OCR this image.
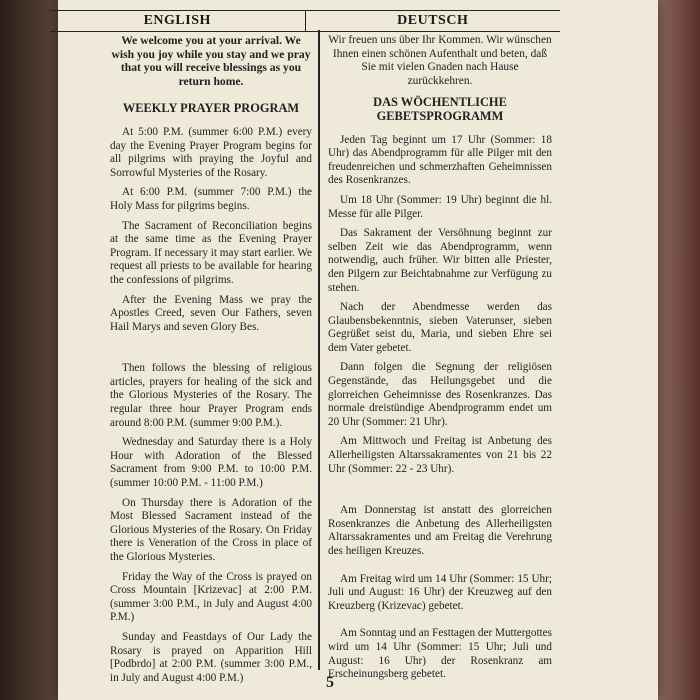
ENGLISH	DEUTSCH

We welcome you at your arrival. We wish you joy while you stay and we pray that you will receive blessings as you return home.

WEEKLY PRAYER PROGRAM

At 5:00 P.M. (summer 6:00 P.M.) every day the Evening Prayer Program begins for all pilgrims with praying the Joyful and Sorrowful Mysteries of the Rosary.

At 6:00 P.M. (summer 7:00 P.M.) the Holy Mass for pilgrims begins.

The Sacrament of Reconciliation begins at the same time as the Evening Prayer Program. If necessary it may start earlier. We request all priests to be available for hearing the confessions of pilgrims.

After the Evening Mass we pray the Apostles Creed, seven Our Fathers, seven Hail Marys and seven Glory Bes.

Then follows the blessing of religious articles, prayers for healing of the sick and the Glorious Mysteries of the Rosary. The regular three hour Prayer Program ends around 8:00 P.M. (summer 9:00 P.M.).

Wednesday and Saturday there is a Holy Hour with Adoration of the Blessed Sacrament from 9:00 P.M. to 10:00 P.M. (summer 10:00 P.M. - 11:00 P.M.)

On Thursday there is Adoration of the Most Blessed Sacrament instead of the Glorious Mysteries of the Rosary. On Friday there is Veneration of the Cross in place of the Glorious Mysteries.

Friday the Way of the Cross is prayed on Cross Mountain [Krizevac] at 2:00 P.M. (summer 3:00 P.M., in July and August 4:00 P.M.)

Sunday and Feastdays of Our Lady the Rosary is prayed on Apparition Hill [Podbrdo] at 2:00 P.M. (summer 3:00 P.M., in July and August 4:00 P.M.)

Wir freuen uns über Ihr Kommen. Wir wünschen Ihnen einen schönen Aufenthalt und beten, daß Sie mit vielen Gnaden nach Hause zurückkehren.

DAS WÖCHENTLICHE GEBETSPROGRAMM

Jeden Tag beginnt um 17 Uhr (Sommer: 18 Uhr) das Abendprogramm für alle Pilger mit den freudenreichen und schmerzhaften Geheimnissen des Rosenkranzes.

Um 18 Uhr (Sommer: 19 Uhr) beginnt die hl. Messe für alle Pilger.

Das Sakrament der Versöhnung beginnt zur selben Zeit wie das Abendprogramm, wenn notwendig, auch früher. Wir bitten alle Priester, den Pilgern zur Beichtabnahme zur Verfügung zu stehen.

Nach der Abendmesse werden das Glaubensbekenntnis, sieben Vaterunser, sieben Gegrüßet seist du, Maria, und sieben Ehre sei dem Vater gebetet.

Dann folgen die Segnung der religiösen Gegenstände, das Heilungsgebet und die glorreichen Geheimnisse des Rosenkranzes. Das normale dreistündige Abendprogramm endet um 20 Uhr (Sommer: 21 Uhr).

Am Mittwoch und Freitag ist Anbetung des Allerheiligsten Altarssakramentes von 21 bis 22 Uhr (Sommer: 22 - 23 Uhr).

Am Donnerstag ist anstatt des glorreichen Rosenkranzes die Anbetung des Allerheiligsten Altarssakramentes und am Freitag die Verehrung des heiligen Kreuzes.

Am Freitag wird um 14 Uhr (Sommer: 15 Uhr; Juli und August: 16 Uhr) der Kreuzweg auf den Kreuzberg (Krizevac) gebetet.

Am Sonntag und an Festtagen der Muttergottes wird um 14 Uhr (Sommer: 15 Uhr; Juli und August: 16 Uhr) der Rosenkranz am Erscheinungsberg gebetet.

5
